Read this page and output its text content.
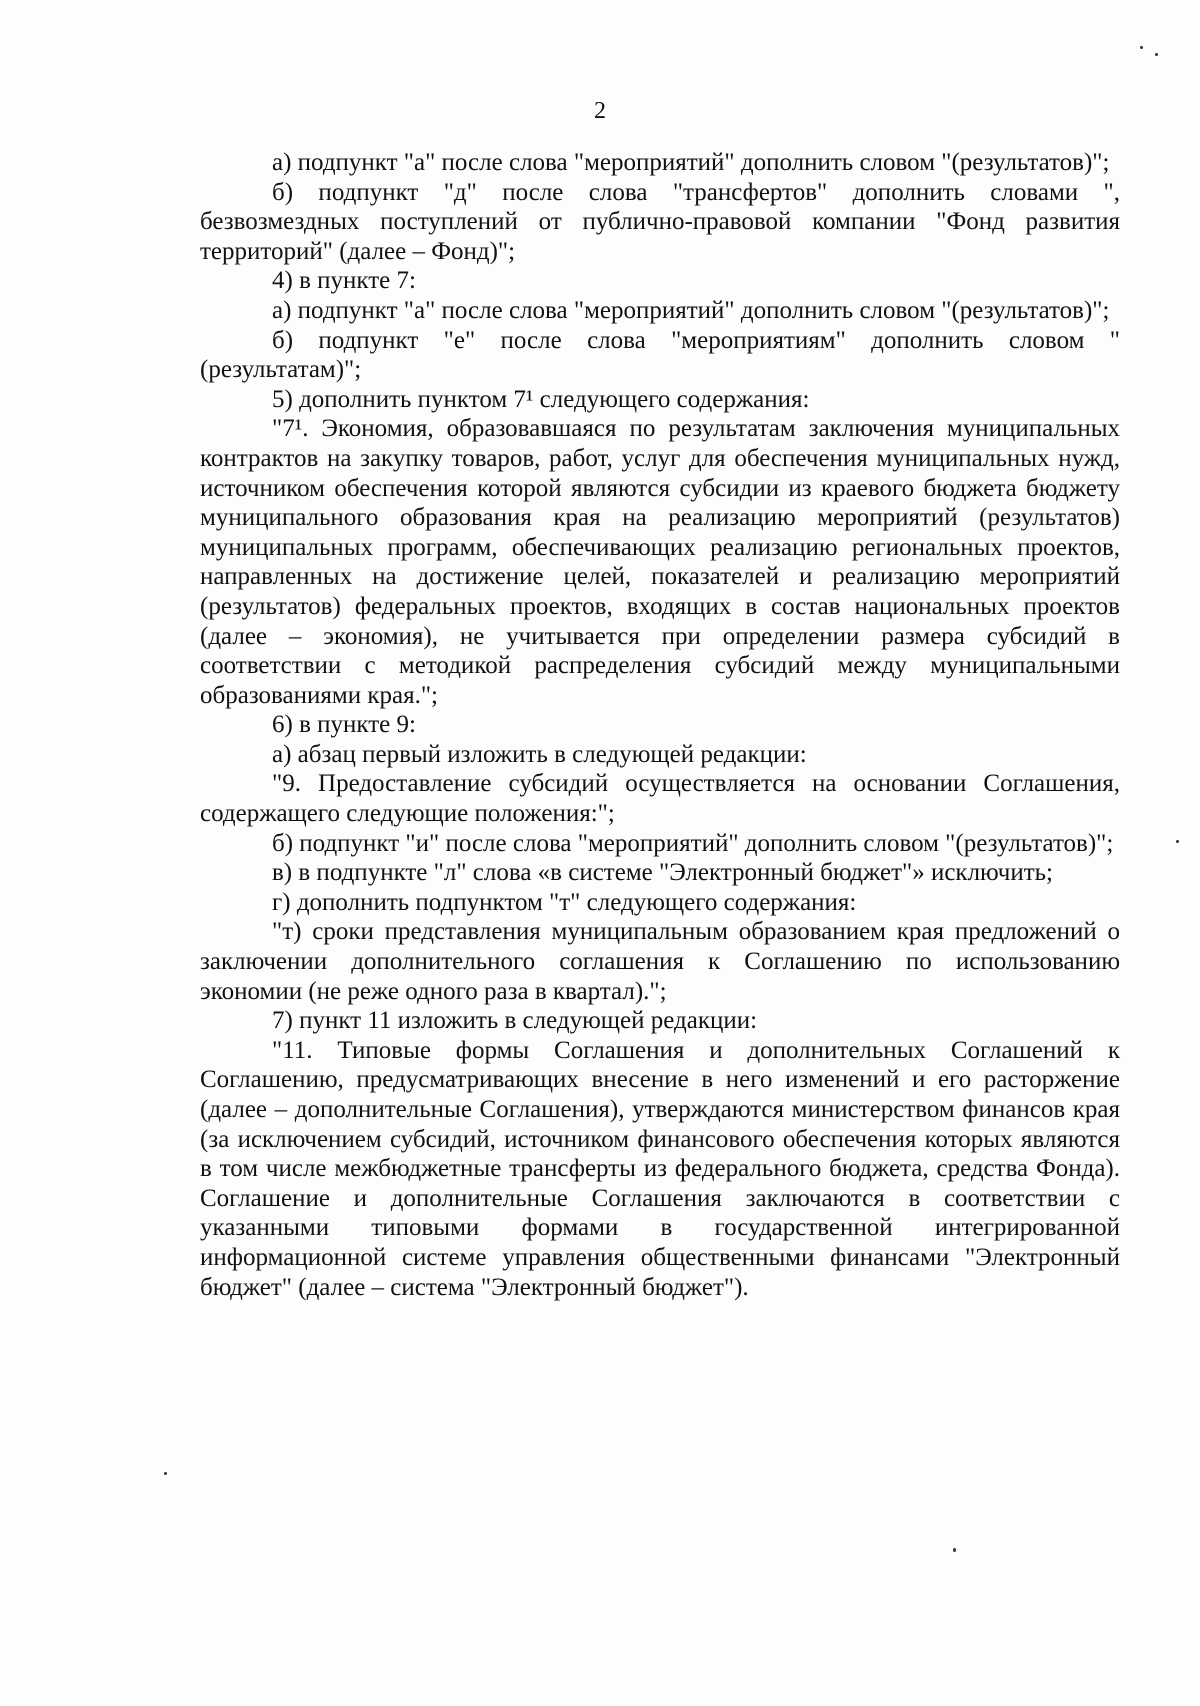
2

а) подпункт "а" после слова "мероприятий" дополнить словом "(результатов)";

б) подпункт "д" после слова "трансфертов" дополнить словами ", безвозмездных поступлений от публично-правовой компании "Фонд развития территорий" (далее – Фонд)";

4) в пункте 7:

а) подпункт "а" после слова "мероприятий" дополнить словом "(результатов)";

б) подпункт "е" после слова "мероприятиям" дополнить словом "(результатам)";

5) дополнить пунктом 7¹ следующего содержания:

"7¹. Экономия, образовавшаяся по результатам заключения муниципальных контрактов на закупку товаров, работ, услуг для обеспечения муниципальных нужд, источником обеспечения которой являются субсидии из краевого бюджета бюджету муниципального образования края на реализацию мероприятий (результатов) муниципальных программ, обеспечивающих реализацию региональных проектов, направленных на достижение целей, показателей и реализацию мероприятий (результатов) федеральных проектов, входящих в состав национальных проектов (далее – экономия), не учитывается при определении размера субсидий в соответствии с методикой распределения субсидий между муниципальными образованиями края.";

6) в пункте 9:

а) абзац первый изложить в следующей редакции:

"9. Предоставление субсидий осуществляется на основании Соглашения, содержащего следующие положения:";

б) подпункт "и" после слова "мероприятий" дополнить словом "(результатов)";

в) в подпункте "л" слова «в системе "Электронный бюджет"» исключить;

г) дополнить подпунктом "т" следующего содержания:

"т) сроки представления муниципальным образованием края предложений о заключении дополнительного соглашения к Соглашению по использованию экономии (не реже одного раза в квартал).";

7) пункт 11 изложить в следующей редакции:

"11. Типовые формы Соглашения и дополнительных Соглашений к Соглашению, предусматривающих внесение в него изменений и его расторжение (далее – дополнительные Соглашения), утверждаются министерством финансов края (за исключением субсидий, источником финансового обеспечения которых являются в том числе межбюджетные трансферты из федерального бюджета, средства Фонда). Соглашение и дополнительные Соглашения заключаются в соответствии с указанными типовыми формами в государственной интегрированной информационной системе управления общественными финансами "Электронный бюджет" (далее – система "Электронный бюджет").
